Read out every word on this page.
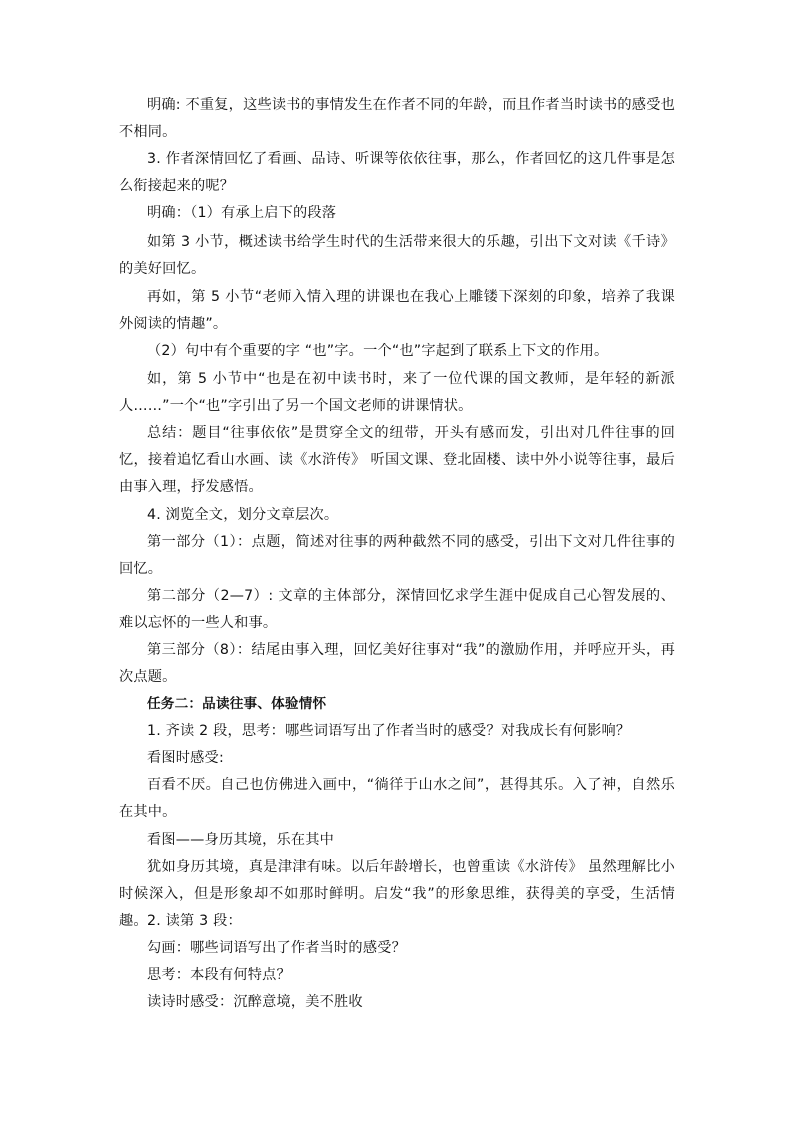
明确: 不重复，这些读书的事情发生在作者不同的年龄，而且作者当时读书的感受也不相同。

3. 作者深情回忆了看画、品诗、听课等依依往事，那么，作者回忆的这几件事是怎么衔接起来的呢？

明确：（1）有承上启下的段落

如第 3 小节，概述读书给学生时代的生活带来很大的乐趣，引出下文对读《千诗》的美好回忆。

再如，第 5 小节“老师入情入理的讲课也在我心上雕镂下深刻的印象，培养了我课外阅读的情趣”。

（2）句中有个重要的字 “也”字。一个“也”字起到了联系上下文的作用。

如，第 5 小节中“也是在初中读书时，来了一位代课的国文教师，是年轻的新派人……”一个“也”字引出了另一个国文老师的讲课情状。

总结：题目“往事依依”是贯穿全文的纽带，开头有感而发，引出对几件往事的回忆，接着追忆看山水画、读《水浒传》 听国文课、登北固楼、读中外小说等往事，最后由事入理，抒发感悟。

4. 浏览全文，划分文章层次。

第一部分（1）：点题，简述对往事的两种截然不同的感受，引出下文对几件往事的回忆。

第二部分（2—7）: 文章的主体部分，深情回忆求学生涯中促成自己心智发展的、难以忘怀的一些人和事。

第三部分（8）：结尾由事入理，回忆美好往事对“我”的激励作用，并呼应开头，再次点题。

任务二：品读往事、体验情怀

1. 齐读 2 段，思考：哪些词语写出了作者当时的感受？对我成长有何影响？

看图时感受:

百看不厌。自己也仿佛进入画中，“徜徉于山水之间”，甚得其乐。入了神，自然乐在其中。

看图——身历其境，乐在其中

犹如身历其境，真是津津有味。以后年龄增长，也曾重读《水浒传》 虽然理解比小时候深入，但是形象却不如那时鲜明。启发“我”的形象思维，获得美的享受，生活情趣。 2. 读第 3 段：

勾画：哪些词语写出了作者当时的感受？

思考：本段有何特点？

读诗时感受：沉醉意境，美不胜收
